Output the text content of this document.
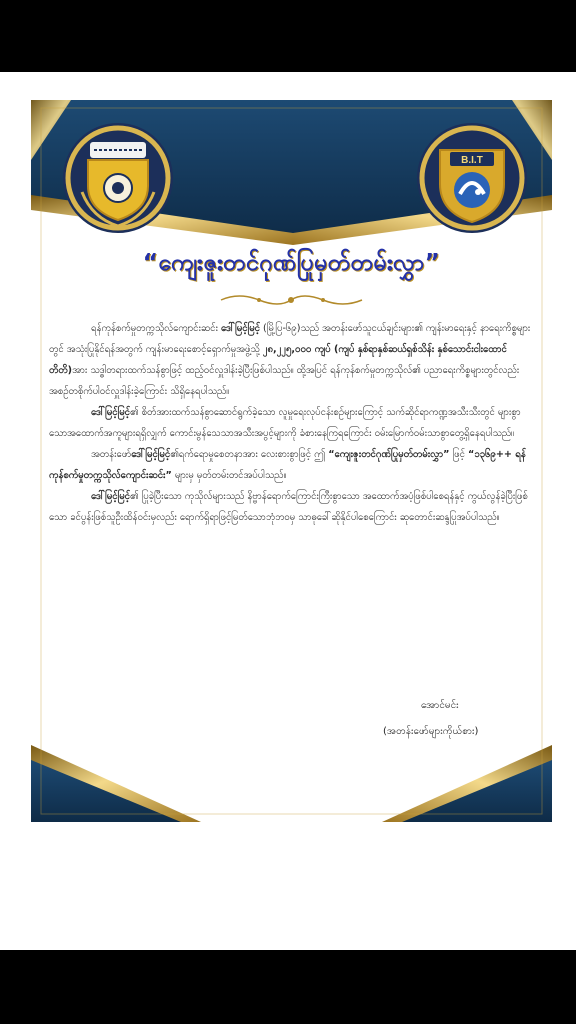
B.I.T
“ကျေးဇူးတင်ဂုဏ်ပြုမှတ်တမ်းလွှာ”

ရန်ကုန်စက်မှုတက္ကသိုလ်ကျောင်းဆင်း ဒေါ်မြင့်မြင့် (မြို့ပြ-၆၉)သည် အတန်းဖော်သူငယ်ချင်းများ၏ ကျန်းမာရေးနှင့် နာရေးကိစ္စများတွင် အသုံးပြုနိုင်ရန်အတွက် ကျန်းမာရေးစောင့်ရှောက်မှုအဖွဲ့သို့ ၂၈,၂၂၅,၀၀၀ ကျပ် (ကျပ် နှစ်ရာနှစ်ဆယ်ရှစ်သိန်း နှစ်သောင်းငါးထောင်တိတိ)အား သဒ္ဓါတရားထက်သန်စွာဖြင့် ထည့်ဝင်လှူဒါန်းခဲ့ပြီးဖြစ်ပါသည်။ ထို့အပြင် ရန်ကုန်စက်မှုတက္ကသိုလ်၏ ပညာရေးကိစ္စများတွင်လည်း အစဉ်တစိုက်ပါဝင်လှူဒါန်းခဲ့ကြောင်း သိရှိနေရပါသည်။

ဒေါ်မြင့်မြင့်၏ စိတ်အားထက်သန်စွာဆောင်ရွက်ခဲ့သော လူမှုရေးလုပ်ငန်းစဉ်များကြောင့် သက်ဆိုင်ရာကဏ္ဍအသီးသီးတွင် များစွာသောအထောက်အကူများရရှိလျှက် ကောင်းမွန်သေသာအသီးအပွင့်များကို ခံစားနေကြရကြောင်း ဝမ်းမြောက်ဝမ်းသာစွာတွေ့ရှိနေရပါသည်။

အတန်းဖော်ဒေါ်မြင့်မြင့်၏ရက်ရောမှုစေတနာအား လေးစားစွာဖြင့် ဤ “ကျေးဇူးတင်ဂုဏ်ပြုမှတ်တမ်းလွှာ” ဖြင့် “၁၃၆၉++ ရန်ကုန်စက်မှုတက္ကသိုလ်ကျောင်းဆင်း” များမှ မှတ်တမ်းတင်အပ်ပါသည်။

ဒေါ်မြင့်မြင့်၏ ပြုခဲ့ပြီးသော ကုသိုလ်များသည် နိဗ္ဗာန်ရောက်ကြောင်းကြီးစွာသော အထောက်အပံ့ဖြစ်ပါစေရန်နှင့် ကွယ်လွန်ခဲ့ပြီးဖြစ်သော ခင်ပွန်းဖြစ်သူဦးထိန်ဝင်းမှလည်း ရောက်ရှိရာဖြင့်မြတ်သောဘုံဘဝမှ သာဓုခေါ်ဆိုနိုင်ပါစေကြောင်း ဆုတောင်းဆန္ဒပြုအပ်ပါသည်။

အောင်မင်း
(အတန်းဖော်များကိုယ်စား)
